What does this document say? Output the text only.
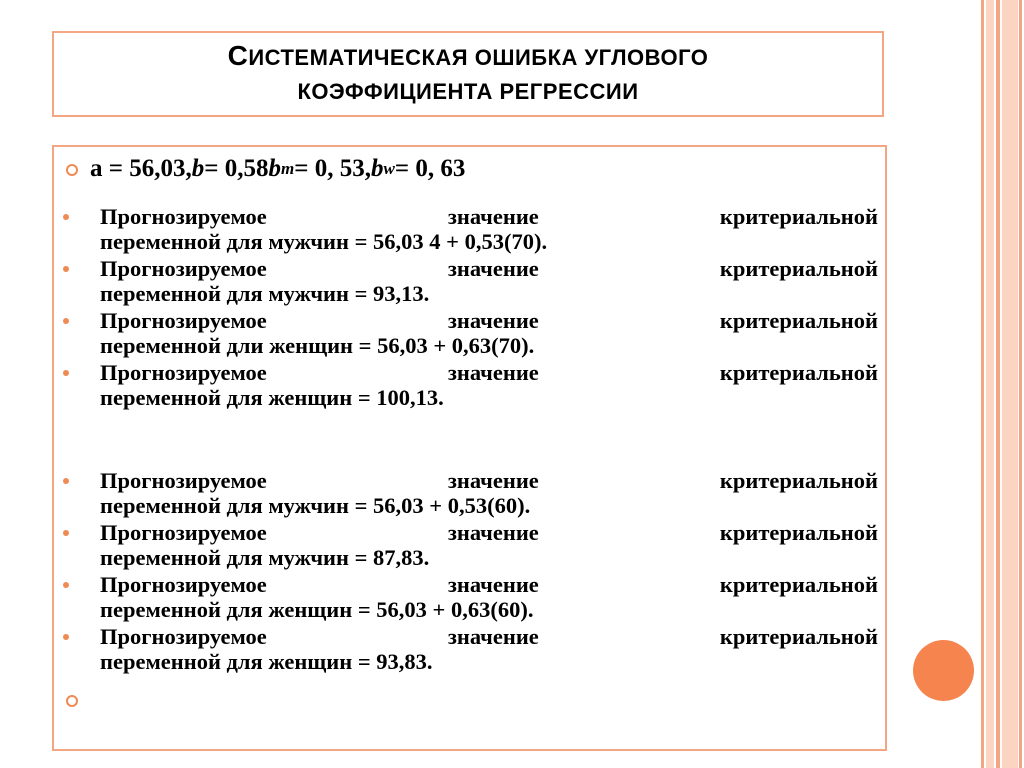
СИСТЕМАТИЧЕСКАЯ ОШИБКА УГЛОВОГО
КОЭФФИЦИЕНТА РЕГРЕССИИ
a = 56,03, b = 0,58 b m = 0, 53, b w = 0, 63
Прогнозируемое	значение	критериальной
переменной для мужчин = 56,03 4 + 0,53(70).
Прогнозируемое	значение	критериальной
переменной для мужчин = 93,13.
Прогнозируемое	значение	критериальной
переменной дли женщин = 56,03 + 0,63(70).
Прогнозируемое	значение	критериальной
переменной для женщин = 100,13.
Прогнозируемое	значение	критериальной
переменной для мужчин = 56,03 + 0,53(60).
Прогнозируемое	значение	критериальной
переменной для мужчин = 87,83.
Прогнозируемое	значение	критериальной
переменной для женщин = 56,03 + 0,63(60).
Прогнозируемое	значение	критериальной
переменной для женщин = 93,83.
